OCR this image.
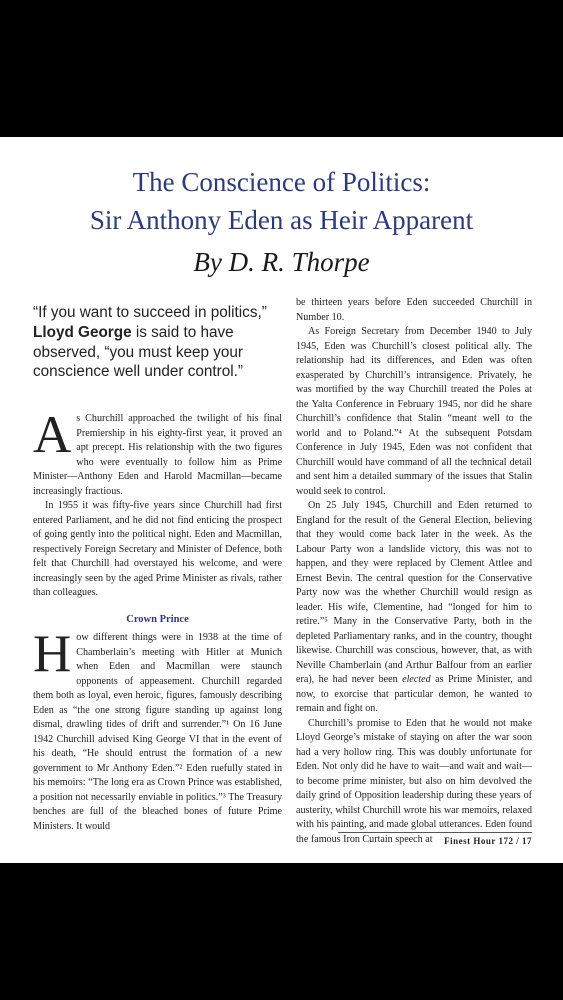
The Conscience of Politics:
Sir Anthony Eden as Heir Apparent
By D. R. Thorpe
“If you want to succeed in politics,” Lloyd George is said to have observed, “you must keep your conscience well under control.”

As Churchill approached the twilight of his final Premiership in his eighty-first year, it proved an apt precept. His relationship with the two figures who were eventually to follow him as Prime Minister—Anthony Eden and Harold Macmillan—became increasingly fractious.

In 1955 it was fifty-five years since Churchill had first entered Parliament, and he did not find enticing the prospect of going gently into the political night. Eden and Macmillan, respectively Foreign Secretary and Minister of Defence, both felt that Churchill had overstayed his welcome, and were increasingly seen by the aged Prime Minister as rivals, rather than colleagues.

Crown Prince

How different things were in 1938 at the time of Chamberlain’s meeting with Hitler at Munich when Eden and Macmillan were staunch opponents of appeasement. Churchill regarded them both as loyal, even heroic, figures, famously describing Eden as “the one strong figure standing up against long dismal, drawling tides of drift and surrender.”¹ On 16 June 1942 Churchill advised King George VI that in the event of his death, “He should entrust the formation of a new government to Mr Anthony Eden.”² Eden ruefully stated in his memoirs: “The long era as Crown Prince was established, a position not necessarily enviable in politics.”³ The Treasury benches are full of the bleached bones of future Prime Ministers. It would

be thirteen years before Eden succeeded Churchill in Number 10.

As Foreign Secretary from December 1940 to July 1945, Eden was Churchill’s closest political ally. The relationship had its differences, and Eden was often exasperated by Churchill’s intransigence. Privately, he was mortified by the way Churchill treated the Poles at the Yalta Conference in February 1945, nor did he share Churchill’s confidence that Stalin “meant well to the world and to Poland.”⁴ At the subsequent Potsdam Conference in July 1945, Eden was not confident that Churchill would have command of all the technical detail and sent him a detailed summary of the issues that Stalin would seek to control.

On 25 July 1945, Churchill and Eden returned to England for the result of the General Election, believing that they would come back later in the week. As the Labour Party won a landslide victory, this was not to happen, and they were replaced by Clement Attlee and Ernest Bevin. The central question for the Conservative Party now was the whether Churchill would resign as leader. His wife, Clementine, had “longed for him to retire.”⁵ Many in the Conservative Party, both in the depleted Parliamentary ranks, and in the country, thought likewise. Churchill was conscious, however, that, as with Neville Chamberlain (and Arthur Balfour from an earlier era), he had never been elected as Prime Minister, and now, to exorcise that particular demon, he wanted to remain and fight on.

Churchill’s promise to Eden that he would not make Lloyd George’s mistake of staying on after the war soon had a very hollow ring. This was doubly unfortunate for Eden. Not only did he have to wait—and wait and wait—to become prime minister, but also on him devolved the daily grind of Opposition leadership during these years of austerity, whilst Churchill wrote his war memoirs, relaxed with his painting, and made global utterances. Eden found the famous Iron Curtain speech at	Finest Hour 172 / 17
